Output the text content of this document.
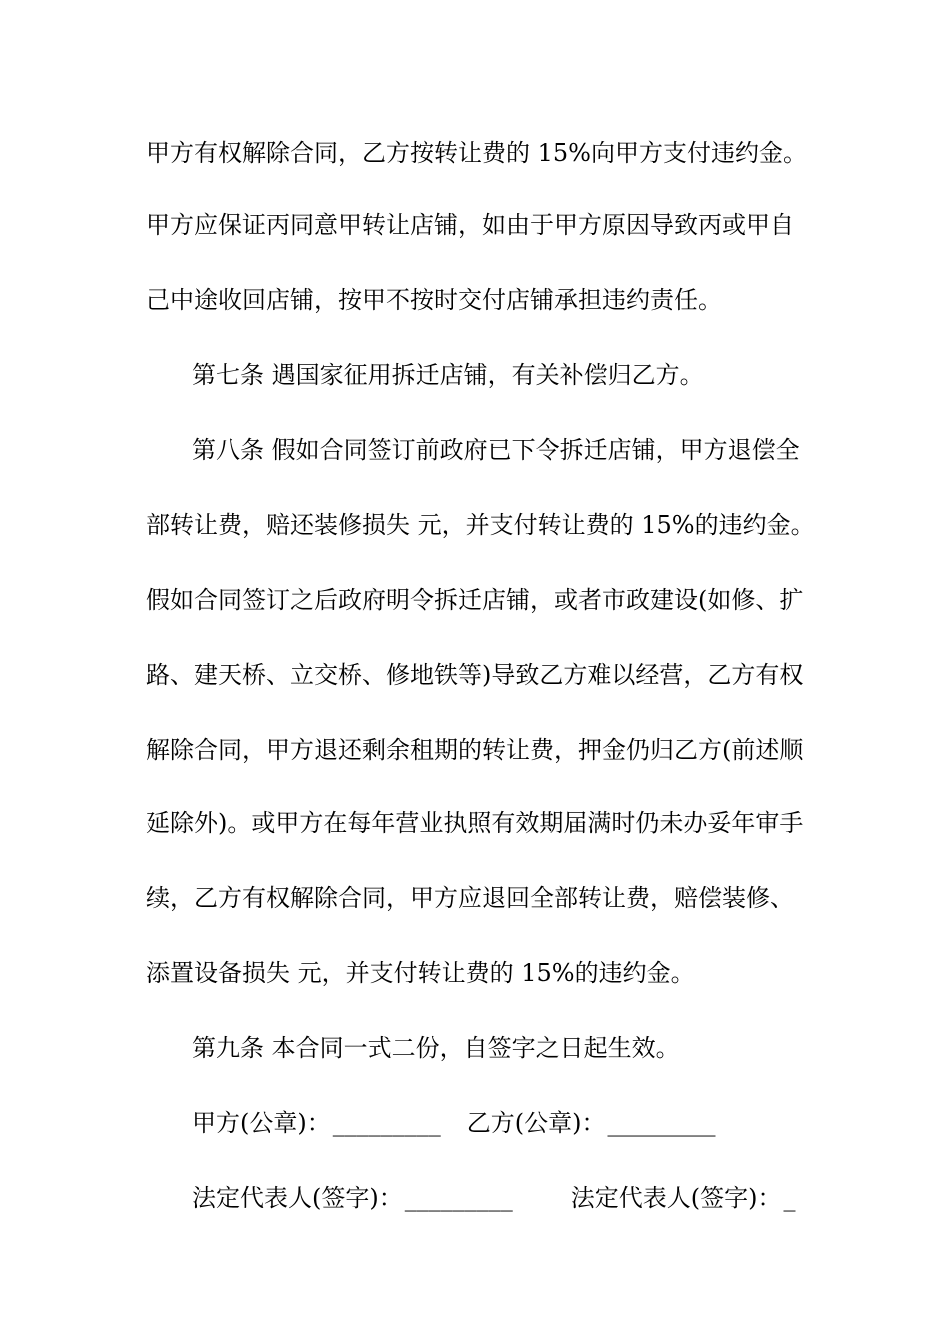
甲方有权解除合同，乙方按转让费的 15%向甲方支付违约金。
甲方应保证丙同意甲转让店铺，如由于甲方原因导致丙或甲自
己中途收回店铺，按甲不按时交付店铺承担违约责任。
第七条 遇国家征用拆迁店铺，有关补偿归乙方。
第八条 假如合同签订前政府已下令拆迁店铺，甲方退偿全
部转让费，赔还装修损失 元，并支付转让费的 15%的违约金。
假如合同签订之后政府明令拆迁店铺，或者市政建设(如修、扩
路、建天桥、立交桥、修地铁等)导致乙方难以经营，乙方有权
解除合同，甲方退还剩余租期的转让费，押金仍归乙方(前述顺
延除外)。或甲方在每年营业执照有效期届满时仍未办妥年审手
续，乙方有权解除合同，甲方应退回全部转让费，赔偿装修、
添置设备损失 元，并支付转让费的 15%的违约金。
第九条 本合同一式二份，自签字之日起生效。
甲方(公章)：_________ 乙方(公章)：_________
法定代表人(签字)：_________ 法定代表人(签字)：_
